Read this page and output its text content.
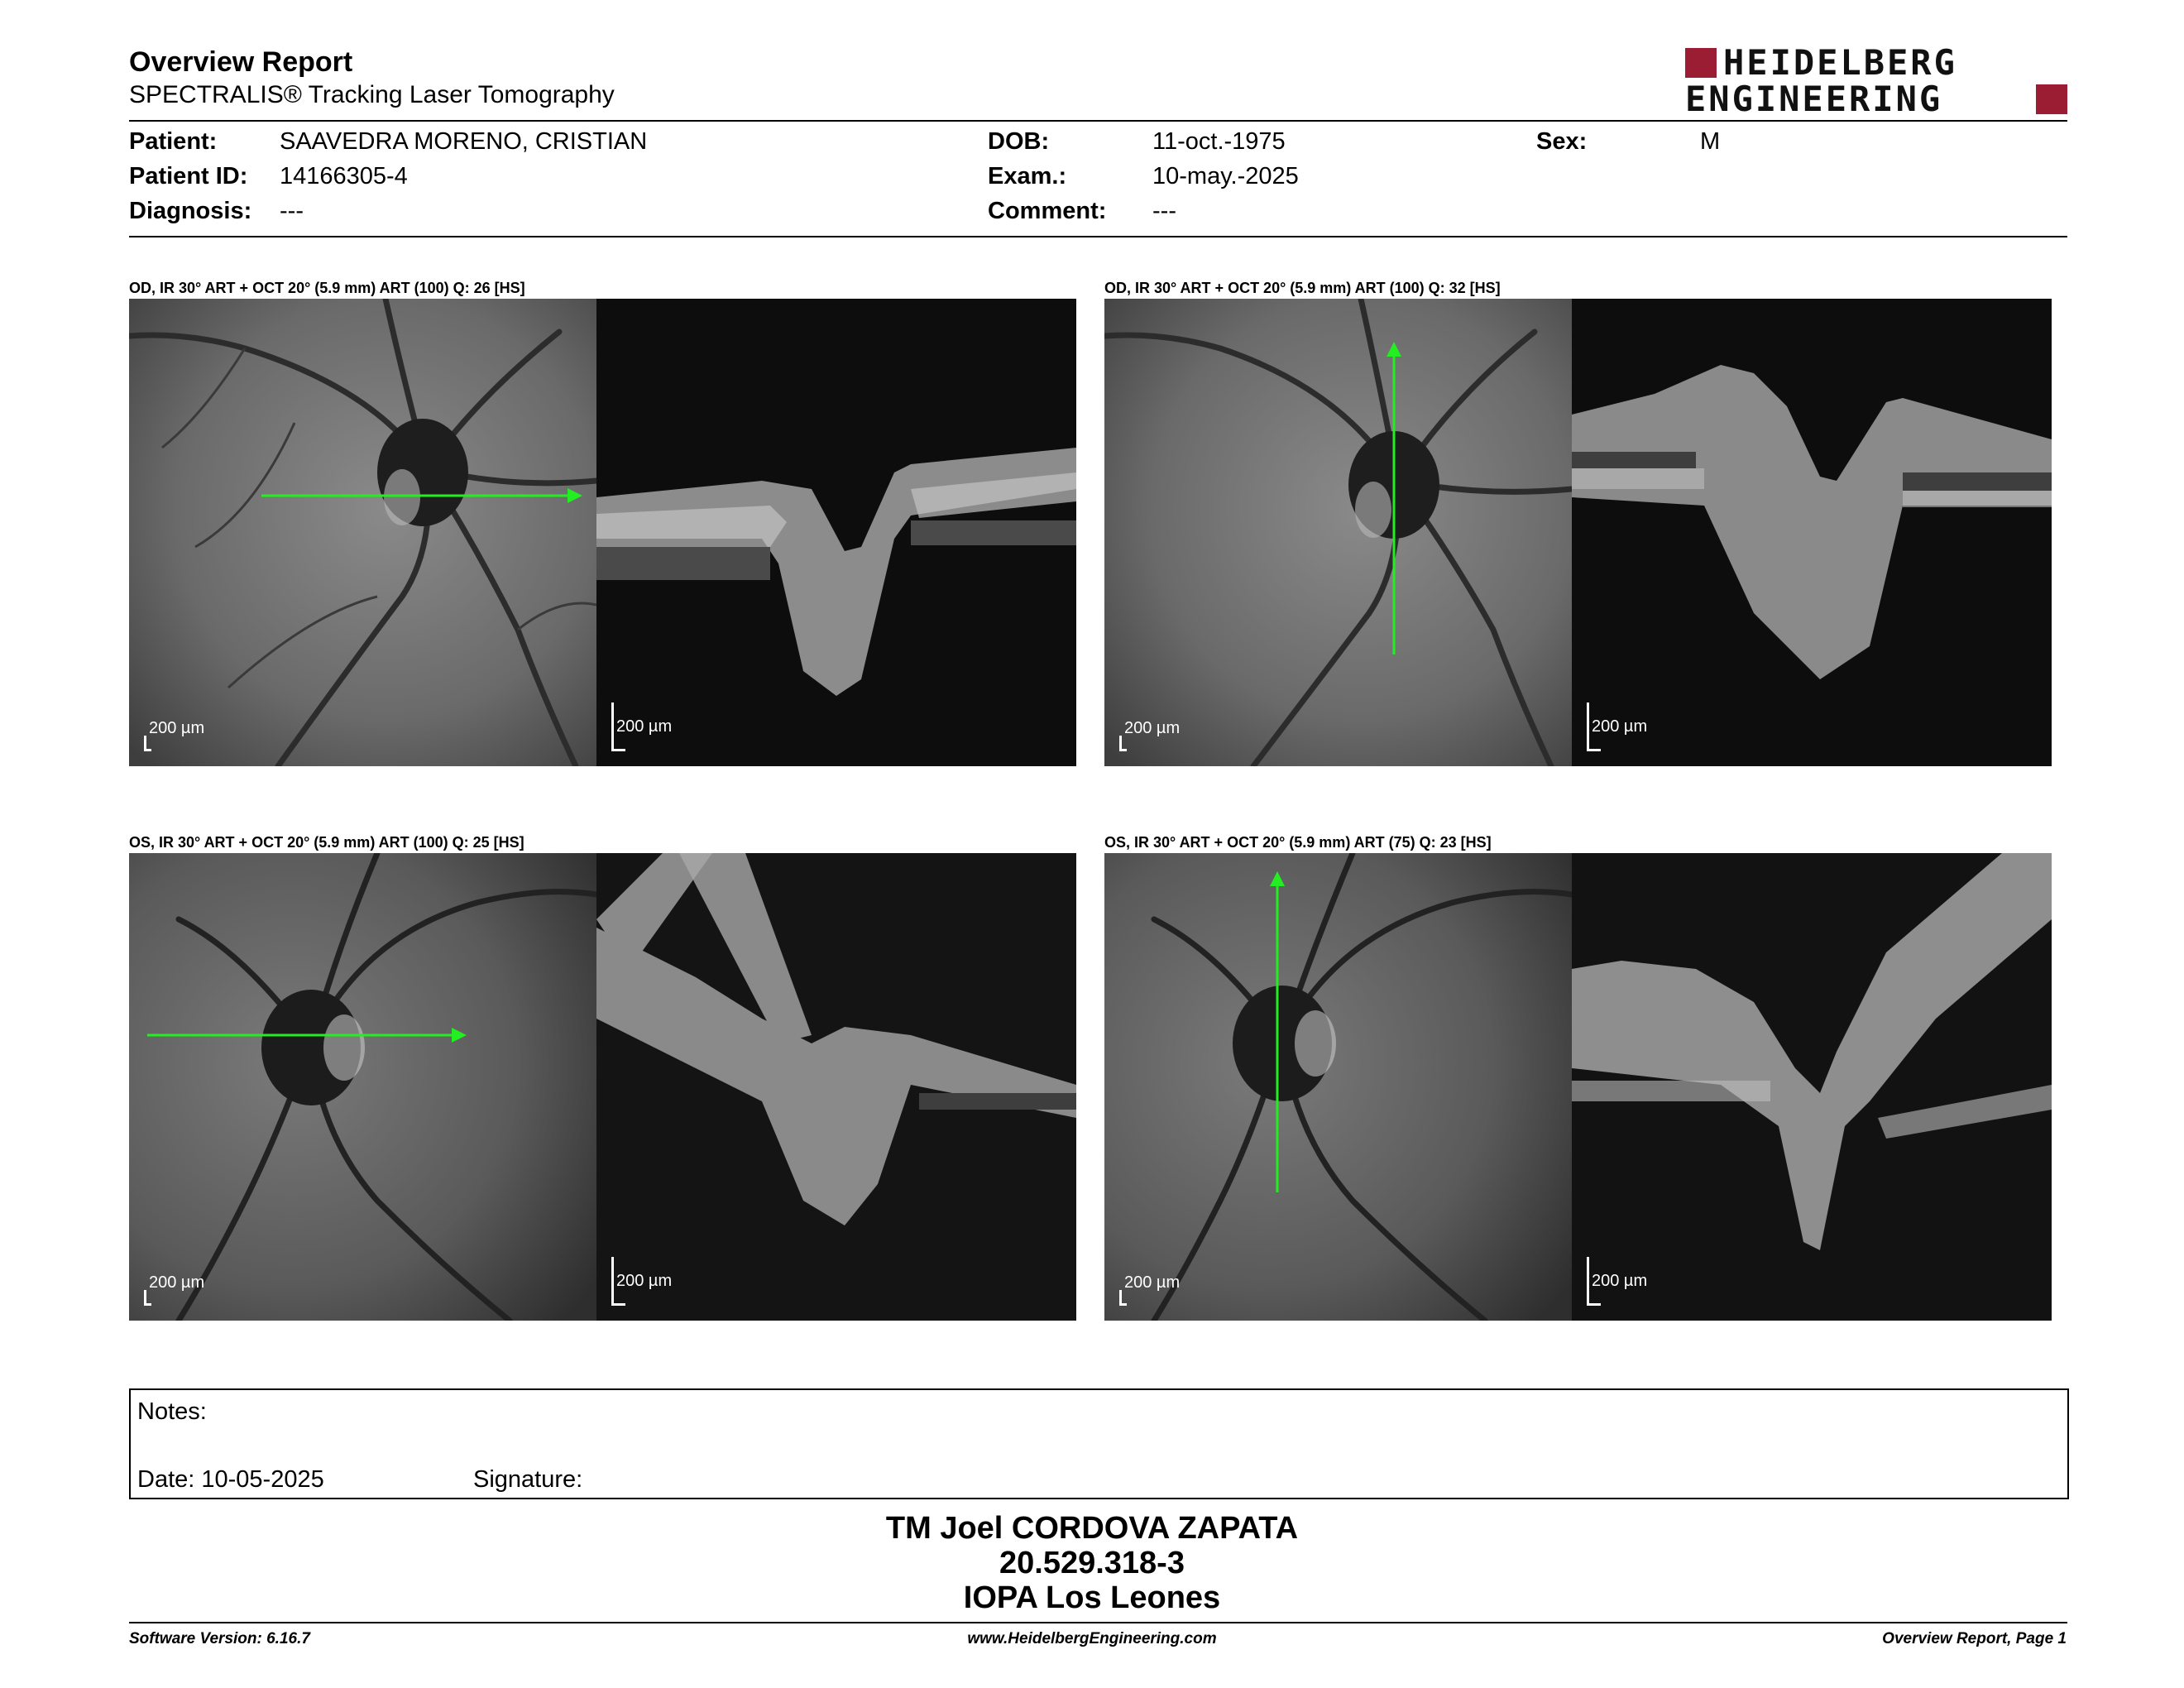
Overview Report
SPECTRALIS® Tracking Laser Tomography
HEIDELBERG
ENGINEERING
Patient:	SAAVEDRA MORENO, CRISTIAN
Patient ID: 14166305-4
Diagnosis: ---
DOB:	11-oct.-1975
Exam.:	10-may.-2025
Comment: ---
Sex:	M
OD, IR 30° ART + OCT 20° (5.9 mm) ART (100) Q: 26 [HS]	OD, IR 30° ART + OCT 20° (5.9 mm) ART (100) Q: 32 [HS]
OS, IR 30° ART + OCT 20° (5.9 mm) ART (100) Q: 25 [HS]	OS, IR 30° ART + OCT 20° (5.9 mm) ART (75) Q: 23 [HS]
200 µm	200 µm	200 µm	200 µm
200 µm	200 µm	200 µm	200 µm
Notes:
Date: 10-05-2025	Signature:
TM Joel CORDOVA ZAPATA
20.529.318-3
IOPA Los Leones
Software Version: 6.16.7	www.HeidelbergEngineering.com	Overview Report, Page 1
